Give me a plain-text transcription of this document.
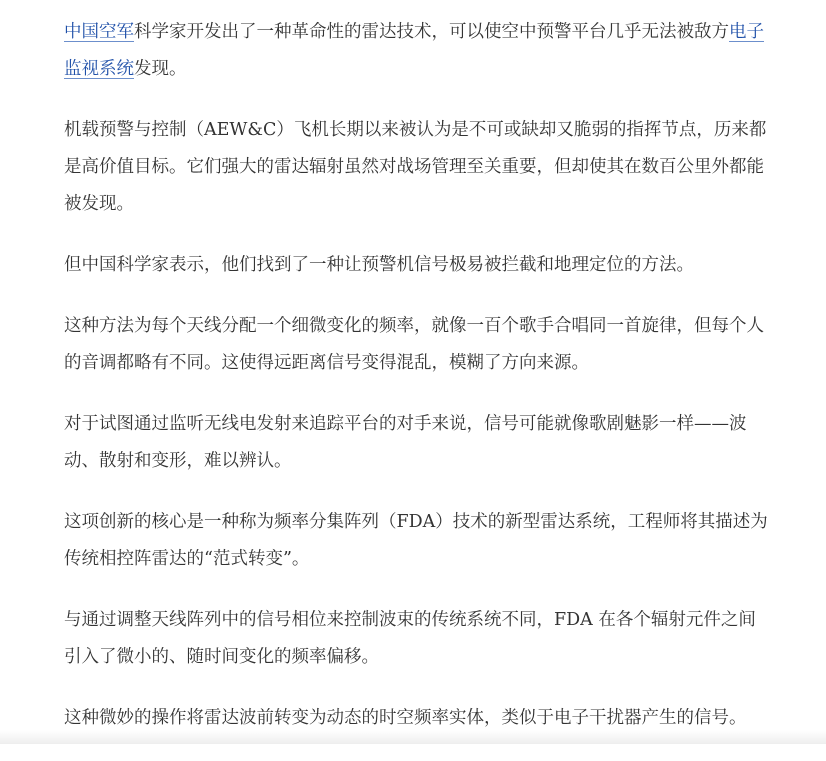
中国空军科学家开发出了一种革命性的雷达技术，可以使空中预警平台几乎无法被敌方电子监视系统发现。

机载预警与控制（AEW&C）飞机长期以来被认为是不可或缺却又脆弱的指挥节点，历来都是高价值目标。它们强大的雷达辐射虽然对战场管理至关重要，但却使其在数百公里外都能被发现。

但中国科学家表示，他们找到了一种让预警机信号极易被拦截和地理定位的方法。

这种方法为每个天线分配一个细微变化的频率，就像一百个歌手合唱同一首旋律，但每个人的音调都略有不同。这使得远距离信号变得混乱，模糊了方向来源。

对于试图通过监听无线电发射来追踪平台的对手来说，信号可能就像歌剧魅影一样——波动、散射和变形，难以辨认。

这项创新的核心是一种称为频率分集阵列（FDA）技术的新型雷达系统，工程师将其描述为传统相控阵雷达的“范式转变”。

与通过调整天线阵列中的信号相位来控制波束的传统系统不同，FDA 在各个辐射元件之间引入了微小的、随时间变化的频率偏移。

这种微妙的操作将雷达波前转变为动态的时空频率实体，类似于电子干扰器产生的信号。
